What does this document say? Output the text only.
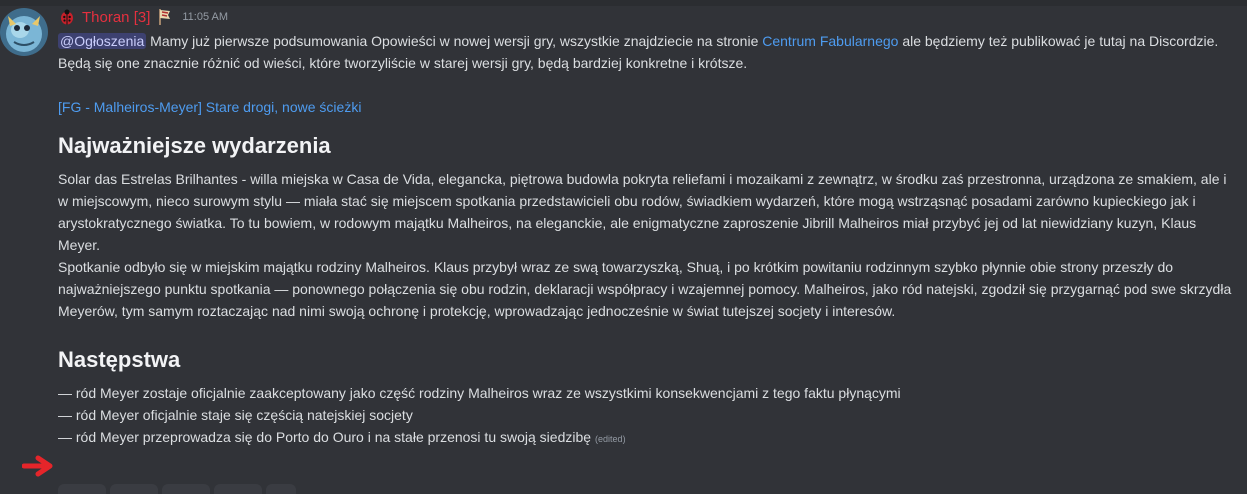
Thoran [3]	11:05 AM
@Ogłoszenia Mamy już pierwsze podsumowania Opowieści w nowej wersji gry, wszystkie znajdziecie na stronie Centrum Fabularnego ale będziemy też publikować je tutaj na Discordzie. Będą się one znacznie różnić od wieści, które tworzyliście w starej wersji gry, będą bardziej konkretne i krótsze.
[FG - Malheiros-Meyer] Stare drogi, nowe ścieżki
Najważniejsze wydarzenia
Solar das Estrelas Brilhantes - willa miejska w Casa de Vida, elegancka, piętrowa budowla pokryta reliefami i mozaikami z zewnątrz, w środku zaś przestronna, urządzona ze smakiem, ale i w miejscowym, nieco surowym stylu — miała stać się miejscem spotkania przedstawicieli obu rodów, świadkiem wydarzeń, które mogą wstrząsnąć posadami zarówno kupieckiego jak i arystokratycznego światka. To tu bowiem, w rodowym majątku Malheiros, na eleganckie, ale enigmatyczne zaproszenie Jibrill Malheiros miał przybyć jej od lat niewidziany kuzyn, Klaus Meyer.
Spotkanie odbyło się w miejskim majątku rodziny Malheiros. Klaus przybył wraz ze swą towarzyszką, Shuą, i po krótkim powitaniu rodzinnym szybko płynnie obie strony przeszły do najważniejszego punktu spotkania — ponownego połączenia się obu rodzin, deklaracji współpracy i wzajemnej pomocy. Malheiros, jako ród natejski, zgodził się przygarnąć pod swe skrzydła Meyerów, tym samym roztaczając nad nimi swoją ochronę i protekcję, wprowadzając jednocześnie w świat tutejszej socjety i interesów.
Następstwa
— ród Meyer zostaje oficjalnie zaakceptowany jako część rodziny Malheiros wraz ze wszystkimi konsekwencjami z tego faktu płynącymi
— ród Meyer oficjalnie staje się częścią natejskiej socjety
— ród Meyer przeprowadza się do Porto do Ouro i na stałe przenosi tu swoją siedzibę (edited)
